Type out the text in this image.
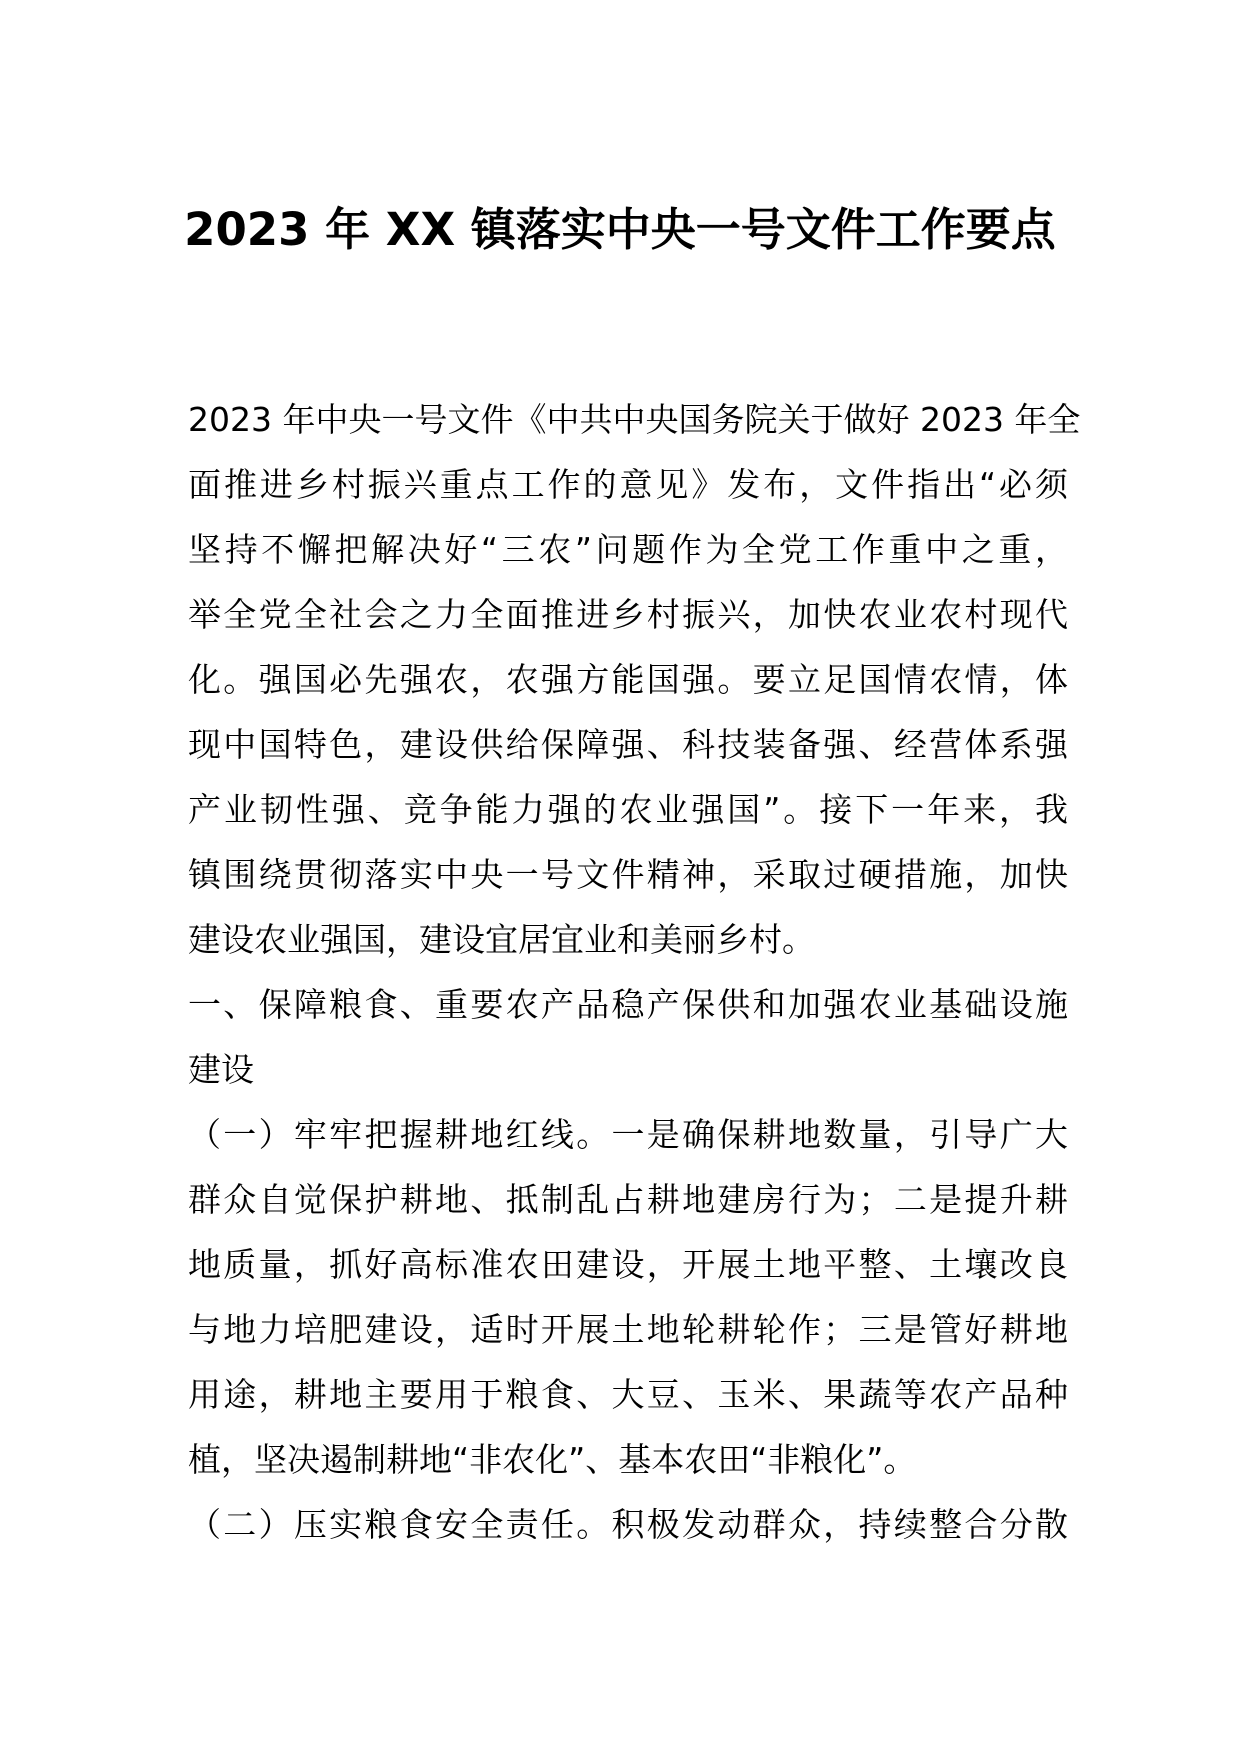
2023 年 XX 镇落实中央一号文件工作要点
2023 年中央一号文件《中共中央国务院关于做好 2023 年全
面推进乡村振兴重点工作的意见》发布，文件指出“必须
坚持不懈把解决好“三农”问题作为全党工作重中之重，
举全党全社会之力全面推进乡村振兴，加快农业农村现代
化。强国必先强农，农强方能国强。要立足国情农情，体
现中国特色，建设供给保障强、科技装备强、经营体系强
产业韧性强、竞争能力强的农业强国”。接下一年来，我
镇围绕贯彻落实中央一号文件精神，采取过硬措施，加快
建设农业强国，建设宜居宜业和美丽乡村。
一、保障粮食、重要农产品稳产保供和加强农业基础设施
建设
（一）牢牢把握耕地红线。一是确保耕地数量，引导广大
群众自觉保护耕地、抵制乱占耕地建房行为；二是提升耕
地质量，抓好高标准农田建设，开展土地平整、土壤改良
与地力培肥建设，适时开展土地轮耕轮作；三是管好耕地
用途，耕地主要用于粮食、大豆、玉米、果蔬等农产品种
植，坚决遏制耕地“非农化”、基本农田“非粮化”。
（二）压实粮食安全责任。积极发动群众，持续整合分散
